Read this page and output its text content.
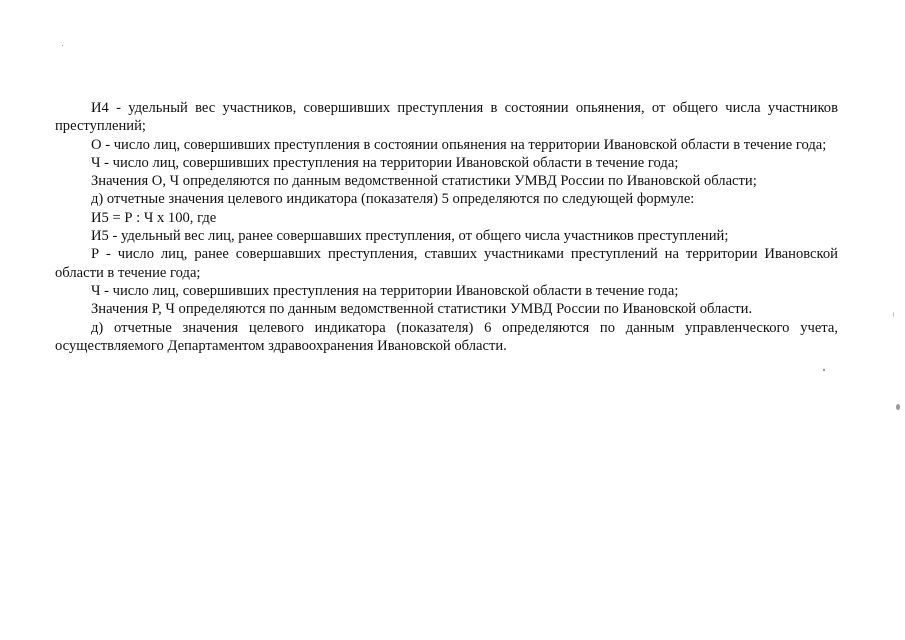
И4 - удельный вес участников, совершивших преступления в состоянии опьянения, от общего числа участников преступлений;

О - число лиц, совершивших преступления в состоянии опьянения на территории Ивановской области в течение года;

Ч - число лиц, совершивших преступления на территории Ивановской области в течение года;

Значения О, Ч определяются по данным ведомственной статистики УМВД России по Ивановской области;

д) отчетные значения целевого индикатора (показателя) 5 определяются по следующей формуле:

И5 = Р : Ч х 100, где

И5 - удельный вес лиц, ранее совершавших преступления, от общего числа участников преступлений;

Р - число лиц, ранее совершавших преступления, ставших участниками преступлений на территории Ивановской области в течение года;

Ч - число лиц, совершивших преступления на территории Ивановской области в течение года;

Значения Р, Ч определяются по данным ведомственной статистики УМВД России по Ивановской области.

д) отчетные значения целевого индикатора (показателя) 6 определяются по данным управленческого учета, осуществляемого Департаментом здравоохранения Ивановской области.
